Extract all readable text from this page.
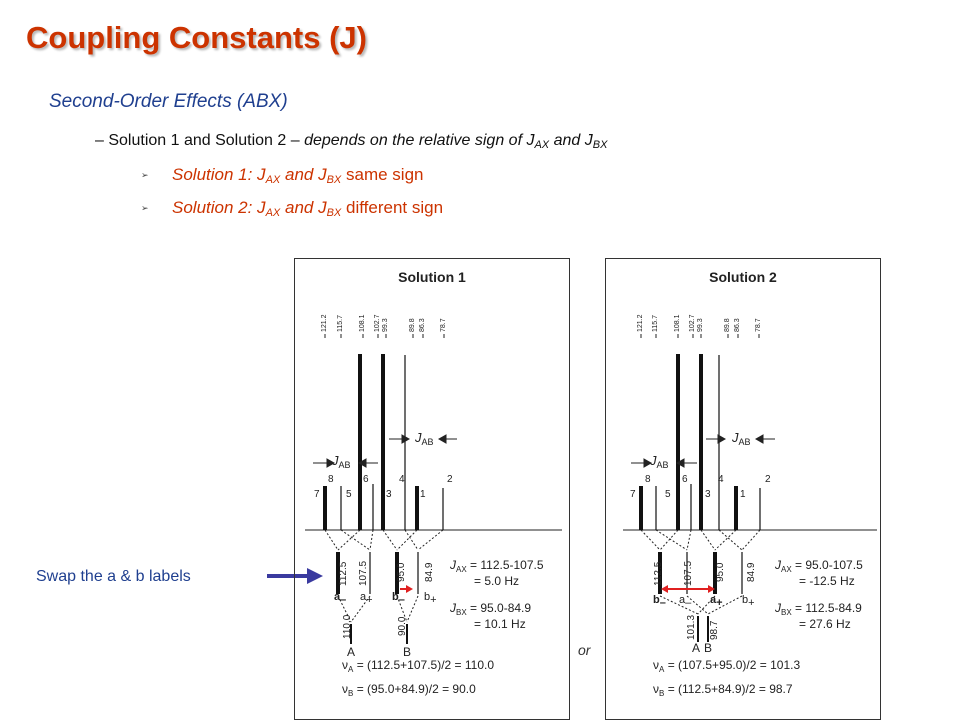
Coupling Constants (J)
Second-Order Effects (ABX)
– Solution 1 and Solution 2 – depends on the relative sign of $J_{AX}$ and $J_{BX}$
➢ Solution 1: $J_{AX}$ and $J_{BX}$ same sign
➢ Solution 2: $J_{AX}$ and $J_{BX}$ different sign
Swap the a & b labels
or
Solution 1
121.2 115.7 108.1 102.7 99.3	89.8 86.3 78.7
7
8
5
6
3
4
1
2
$J_{AB}$
$J_{AB}$
112.5 107.5	95.0 84.9
$a_-$ $a_+$ $b_-$ $b_+$
110.0	90.0
A	B
$J_{AX} = 112.5-107.5$
= 5.0 Hz
$J_{BX} = 95.0-84.9$
= 10.1 Hz
$\nu_A = (112.5+107.5)/2 = 110.0$
$\nu_B = (95.0+84.9)/2 = 90.0$
Solution 2
121.2 115.7 108.1 102.7 99.3	89.8 86.3 78.7
7
8
5
6
3
4
1
2
$J_{AB}$
$J_{AB}$
112.5 107.5 95.0 84.9
$b_-$ $a_-$ $a_+$ $b_+$
101.3 98.7
A B
$J_{AX} = 95.0-107.5$
= -12.5 Hz
$J_{BX} = 112.5-84.9$
= 27.6 Hz
$\nu_A = (107.5+95.0)/2 = 101.3$
$\nu_B = (112.5+84.9)/2 = 98.7$
